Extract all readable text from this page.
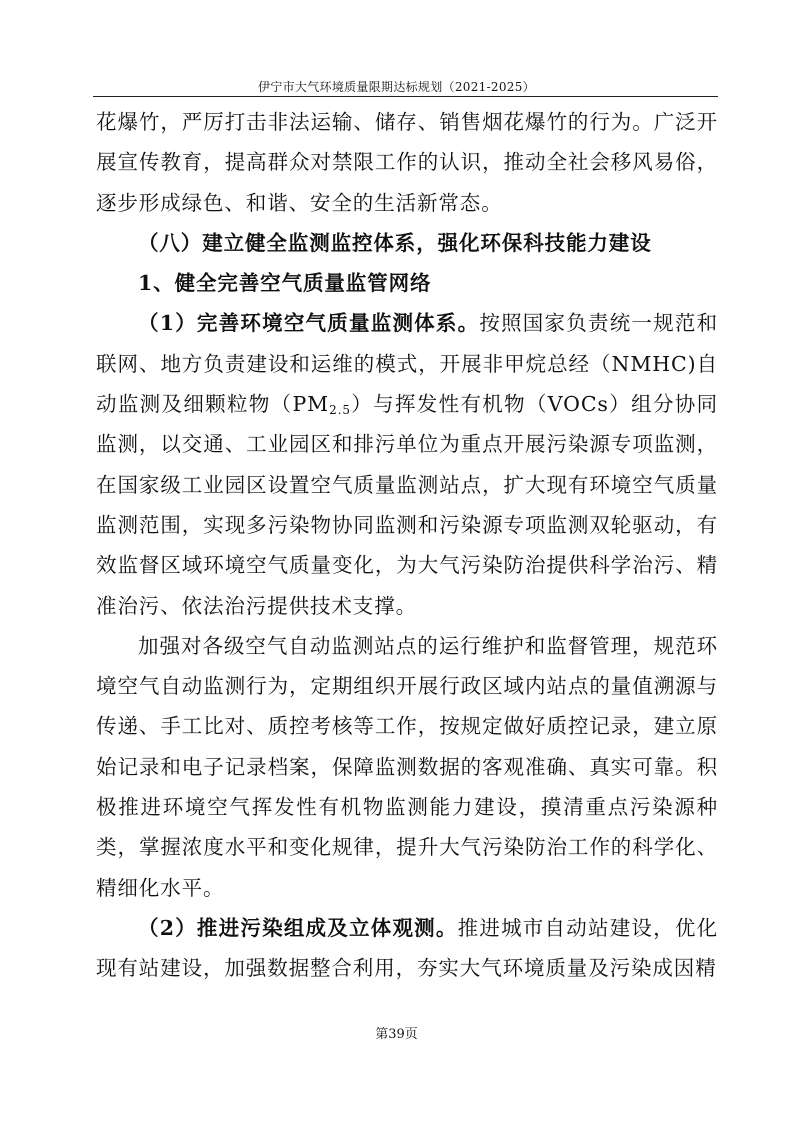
伊宁市大气环境质量限期达标规划（2021-2025）

花爆竹，严厉打击非法运输、储存、销售烟花爆竹的行为。广泛开展宣传教育，提高群众对禁限工作的认识，推动全社会移风易俗，逐步形成绿色、和谐、安全的生活新常态。

（八）建立健全监测监控体系，强化环保科技能力建设

1、健全完善空气质量监管网络

（1）完善环境空气质量监测体系。按照国家负责统一规范和联网、地方负责建设和运维的模式，开展非甲烷总经（NMHC)自动监测及细颗粒物$(PM_{2.5})$与挥发性有机物（VOCs）组分协同监测，以交通、工业园区和排污单位为重点开展污染源专项监测，在国家级工业园区设置空气质量监测站点，扩大现有环境空气质量监测范围，实现多污染物协同监测和污染源专项监测双轮驱动，有效监督区域环境空气质量变化，为大气污染防治提供科学治污、精准治污、依法治污提供技术支撑。

加强对各级空气自动监测站点的运行维护和监督管理，规范环境空气自动监测行为，定期组织开展行政区域内站点的量值溯源与传递、手工比对、质控考核等工作，按规定做好质控记录，建立原始记录和电子记录档案，保障监测数据的客观准确、真实可靠。积极推进环境空气挥发性有机物监测能力建设，摸清重点污染源种类，掌握浓度水平和变化规律，提升大气污染防治工作的科学化、精细化水平。

（2）推进污染组成及立体观测。推进城市自动站建设，优化现有站建设，加强数据整合利用，夯实大气环境质量及污染成因精

第39页
